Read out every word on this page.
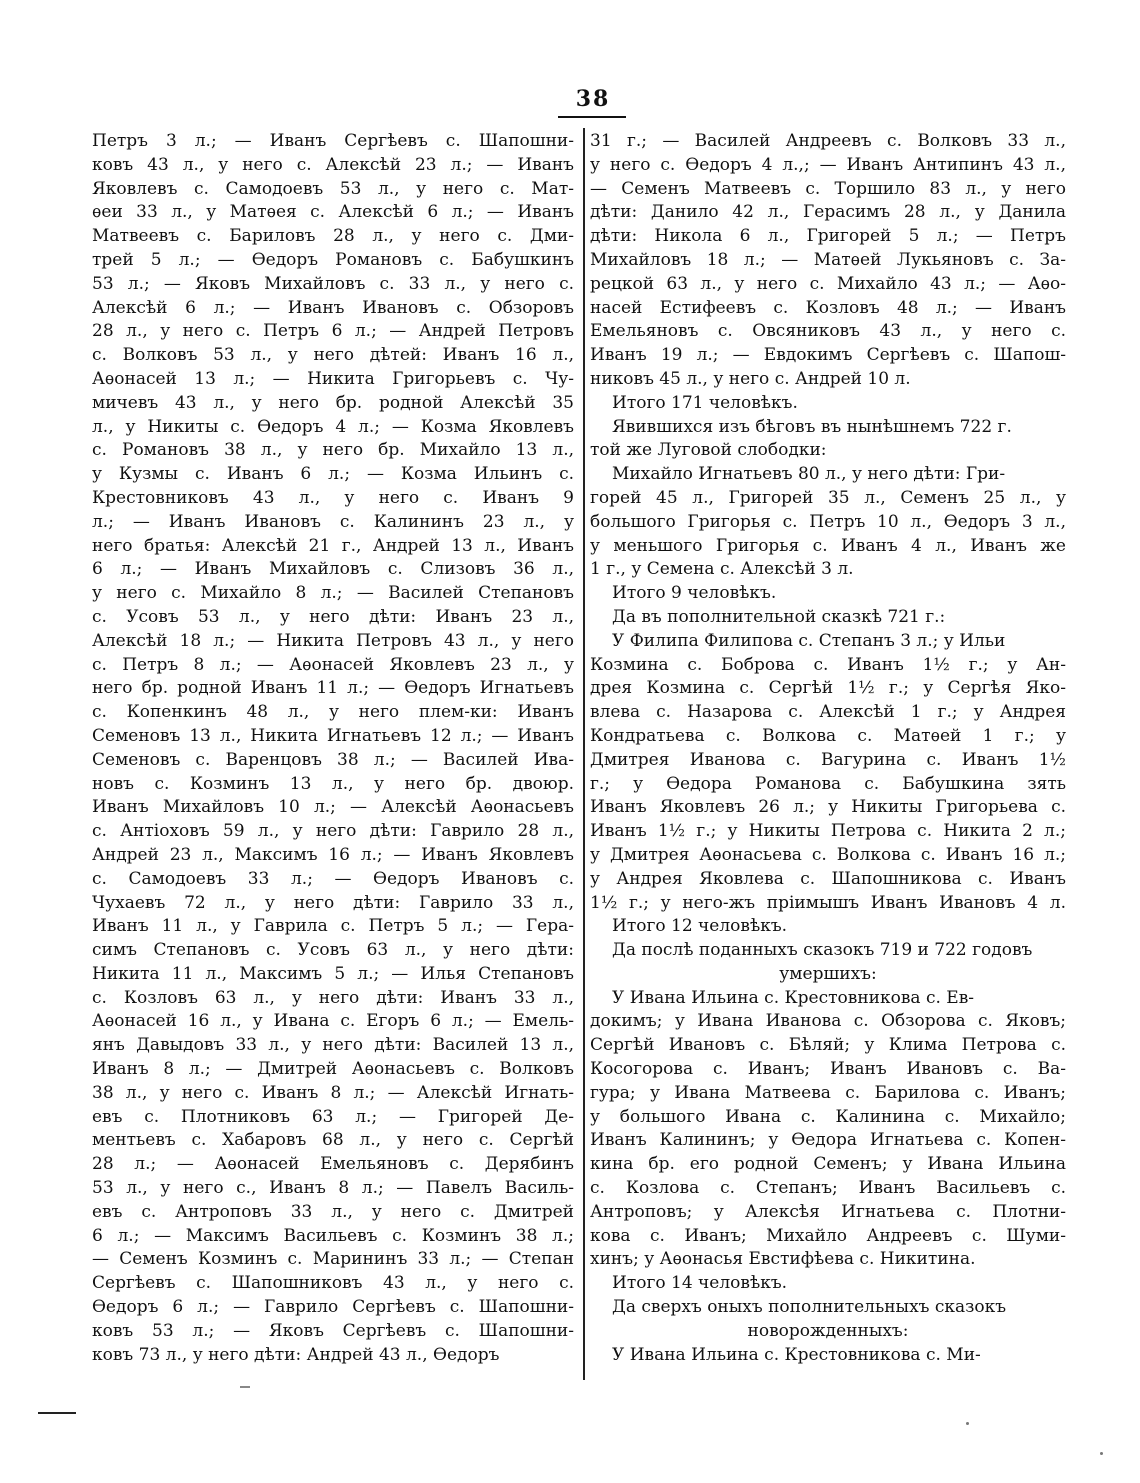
38
Петръ 3 л.; — Иванъ Сергѣевъ с. Шапошни-
ковъ 43 л., у него с. Алексѣй 23 л.; — Иванъ
Яковлевъ с. Самодоевъ 53 л., у него с. Мат-
ѳеи 33 л., у Матѳея с. Алексѣй 6 л.; — Иванъ
Матвеевъ с. Бариловъ 28 л., у него с. Дми-
трей 5 л.; — Ѳедоръ Романовъ с. Бабушкинъ
53 л.; — Яковъ Михайловъ с. 33 л., у него с.
Алексѣй 6 л.; — Иванъ Ивановъ с. Обзоровъ
28 л., у него с. Петръ 6 л.; — Андрей Петровъ
с. Волковъ 53 л., у него дѣтей: Иванъ 16 л.,
Аѳонасей 13 л.; — Никита Григорьевъ с. Чу-
мичевъ 43 л., у него бр. родной Алексѣй 35
л., у Никиты с. Ѳедоръ 4 л.; — Козма Яковлевъ
с. Романовъ 38 л., у него бр. Михайло 13 л.,
у Кузмы с. Иванъ 6 л.; — Козма Ильинъ с.
Крестовниковъ 43 л., у него с. Иванъ 9
л.; — Иванъ Ивановъ с. Калининъ 23 л., у
него братья: Алексѣй 21 г., Андрей 13 л., Иванъ
6 л.; — Иванъ Михайловъ с. Слизовъ 36 л.,
у него с. Михайло 8 л.; — Василей Степановъ
с. Усовъ 53 л., у него дѣти: Иванъ 23 л.,
Алексѣй 18 л.; — Никита Петровъ 43 л., у него
с. Петръ 8 л.; — Аѳонасей Яковлевъ 23 л., у
него бр. родной Иванъ 11 л.; — Ѳедоръ Игнатьевъ
с. Копенкинъ 48 л., у него плем-ки: Иванъ
Семеновъ 13 л., Никита Игнатьевъ 12 л.; — Иванъ
Семеновъ с. Варенцовъ 38 л.; — Василей Ива-
новъ с. Козминъ 13 л., у него бр. двоюр.
Иванъ Михайловъ 10 л.; — Алексѣй Аѳонасьевъ
с. Антіоховъ 59 л., у него дѣти: Гаврило 28 л.,
Андрей 23 л., Максимъ 16 л.; — Иванъ Яковлевъ
с. Самодоевъ 33 л.; — Ѳедоръ Ивановъ с.
Чухаевъ 72 л., у него дѣти: Гаврило 33 л.,
Иванъ 11 л., у Гаврила с. Петръ 5 л.; — Гера-
симъ Степановъ с. Усовъ 63 л., у него дѣти:
Никита 11 л., Максимъ 5 л.; — Илья Степановъ
с. Козловъ 63 л., у него дѣти: Иванъ 33 л.,
Аѳонасей 16 л., у Ивана с. Егоръ 6 л.; — Емель-
янъ Давыдовъ 33 л., у него дѣти: Василей 13 л.,
Иванъ 8 л.; — Дмитрей Аѳонасьевъ с. Волковъ
38 л., у него с. Иванъ 8 л.; — Алексѣй Игнать-
евъ с. Плотниковъ 63 л.; — Григорей Де-
ментьевъ с. Хабаровъ 68 л., у него с. Сергѣй
28 л.; — Аѳонасей Емельяновъ с. Дерябинъ
53 л., у него с., Иванъ 8 л.; — Павелъ Василь-
евъ с. Антроповъ 33 л., у него с. Дмитрей
6 л.; — Максимъ Васильевъ с. Козминъ 38 л.;
— Семенъ Козминъ с. Марининъ 33 л.; — Степан
Сергѣевъ с. Шапошниковъ 43 л., у него с.
Ѳедоръ 6 л.; — Гаврило Сергѣевъ с. Шапошни-
ковъ 53 л.; — Яковъ Сергѣевъ с. Шапошни-
ковъ 73 л., у него дѣти: Андрей 43 л., Ѳедоръ
31 г.; — Василей Андреевъ с. Волковъ 33 л.,
у него с. Ѳедоръ 4 л.,; — Иванъ Антипинъ 43 л.,
— Семенъ Матвеевъ с. Торшило 83 л., у него
дѣти: Данило 42 л., Герасимъ 28 л., у Данила
дѣти: Никола 6 л., Григорей 5 л.; — Петръ
Михайловъ 18 л.; — Матѳей Лукьяновъ с. За-
рецкой 63 л., у него с. Михайло 43 л.; — Аѳо-
насей Естифеевъ с. Козловъ 48 л.; — Иванъ
Емельяновъ с. Овсяниковъ 43 л., у него с.
Иванъ 19 л.; — Евдокимъ Сергѣевъ с. Шапош-
никовъ 45 л., у него с. Андрей 10 л.
Итого 171 человѣкъ.
Явившихся изъ бѣговъ въ нынѣшнемъ 722 г.
той же Луговой слободки:
Михайло Игнатьевъ 80 л., у него дѣти: Гри-
горей 45 л., Григорей 35 л., Семенъ 25 л., у
большого Григорья с. Петръ 10 л., Ѳедоръ 3 л.,
у меньшого Григорья с. Иванъ 4 л., Иванъ же
1 г., у Семена с. Алексѣй 3 л.
Итого 9 человѣкъ.
Да въ пополнительной сказкѣ 721 г.:
У Филипа Филипова с. Степанъ 3 л.; у Ильи
Козмина с. Боброва с. Иванъ 1½ г.; у Ан-
дрея Козмина с. Сергѣй 1½ г.; у Сергѣя Яко-
влева с. Назарова с. Алексѣй 1 г.; у Андрея
Кондратьева с. Волкова с. Матѳей 1 г.; у
Дмитрея Иванова с. Вагурина с. Иванъ 1½
г.; у Ѳедора Романова с. Бабушкина зять
Иванъ Яковлевъ 26 л.; у Никиты Григорьева с.
Иванъ 1½ г.; у Никиты Петрова с. Никита 2 л.;
у Дмитрея Аѳонасьева с. Волкова с. Иванъ 16 л.;
у Андрея Яковлева с. Шапошникова с. Иванъ
1½ г.; у него-жъ пріимышъ Иванъ Ивановъ 4 л.
Итого 12 человѣкъ.
Да послѣ поданныхъ сказокъ 719 и 722 годовъ
умершихъ:
У Ивана Ильина с. Крестовникова с. Ев-
докимъ; у Ивана Иванова с. Обзорова с. Яковъ;
Сергѣй Ивановъ с. Бѣляй; у Клима Петрова с.
Косогорова с. Иванъ; Иванъ Ивановъ с. Ва-
гура; у Ивана Матвеева с. Барилова с. Иванъ;
у большого Ивана с. Калинина с. Михайло;
Иванъ Калининъ; у Ѳедора Игнатьева с. Копен-
кина бр. его родной Семенъ; у Ивана Ильина
с. Козлова с. Степанъ; Иванъ Васильевъ с.
Антроповъ; у Алексѣя Игнатьева с. Плотни-
кова с. Иванъ; Михайло Андреевъ с. Шуми-
хинъ; у Аѳонасья Евстифѣева с. Никитина.
Итого 14 человѣкъ.
Да сверхъ оныхъ пополнительныхъ сказокъ
новорожденныхъ:
У Ивана Ильина с. Крестовникова с. Ми-
